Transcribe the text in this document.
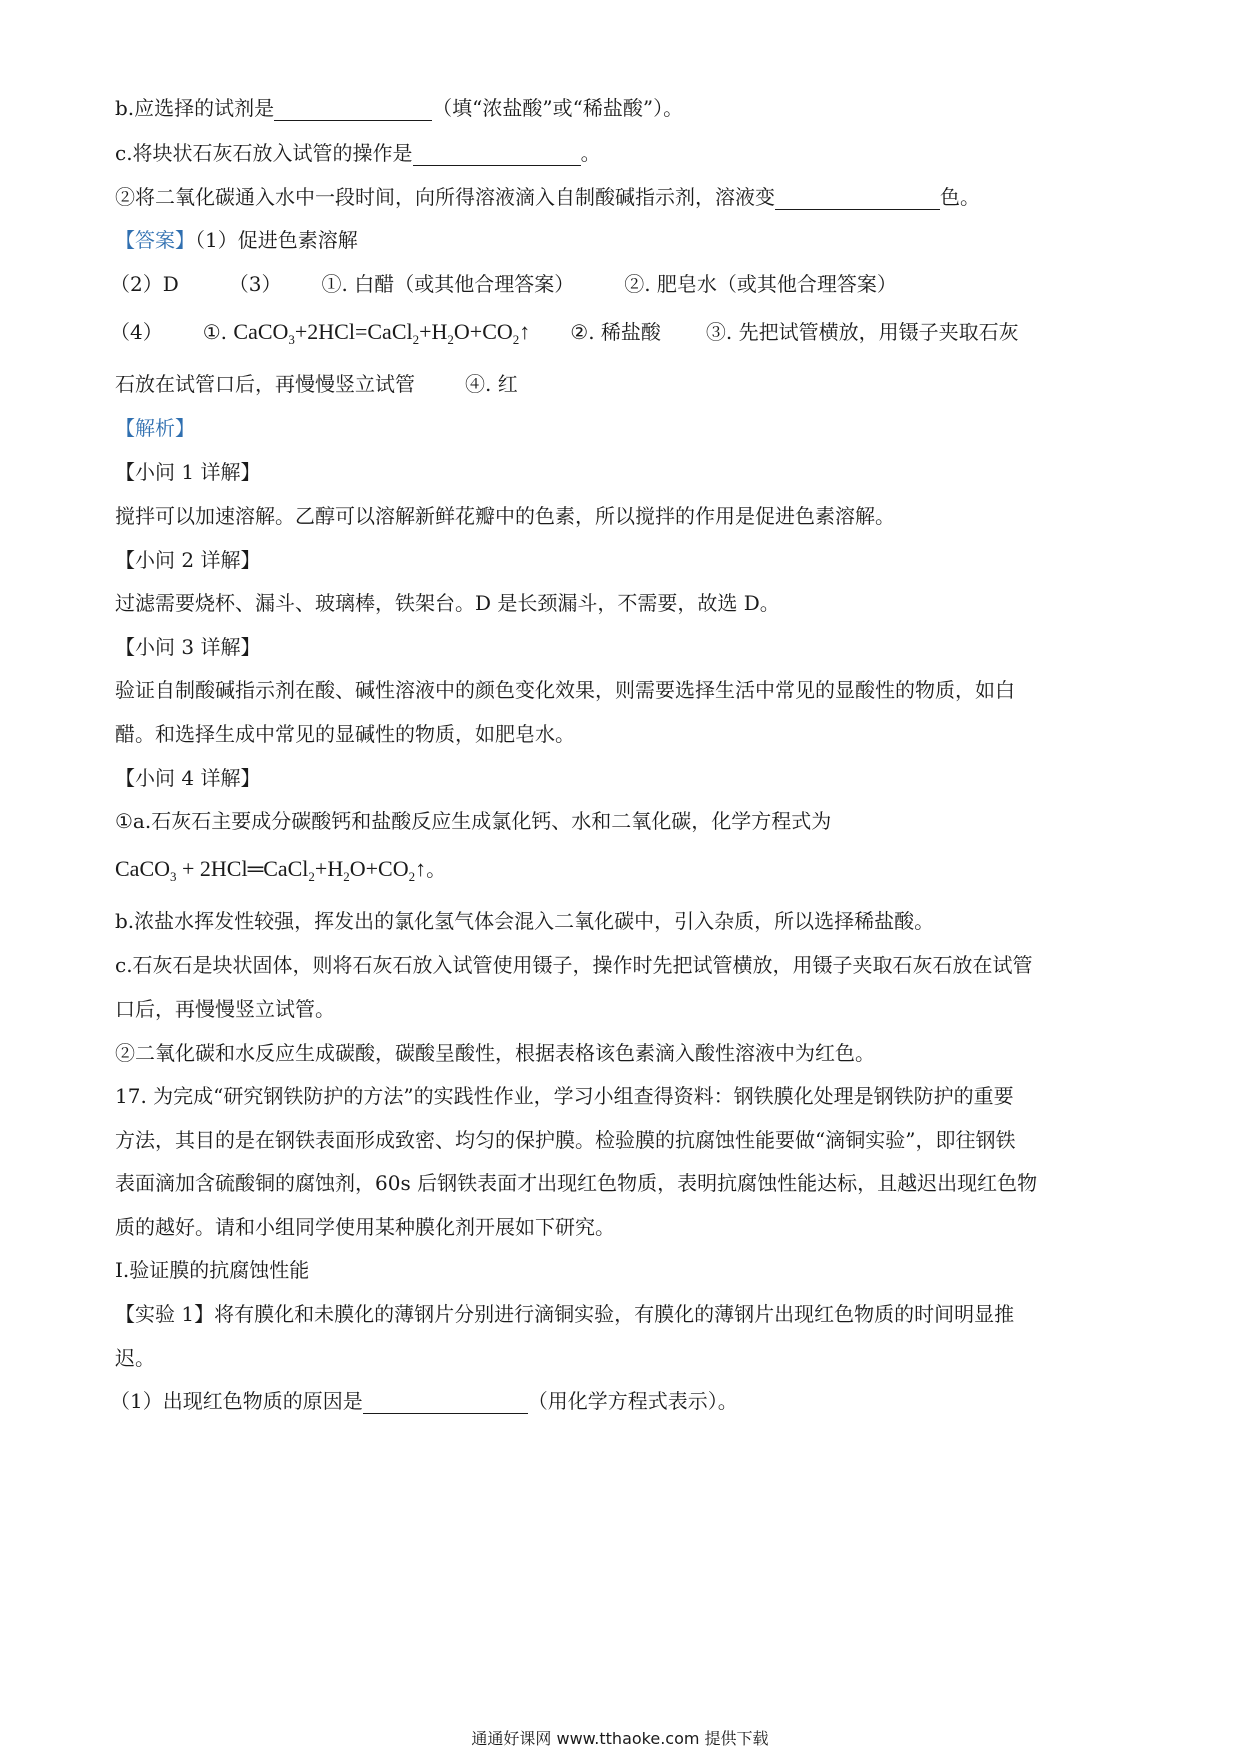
b.应选择的试剂是	（填“浓盐酸”或“稀盐酸”）。
c.将块状石灰石放入试管的操作是	。
②将二氧化碳通入水中一段时间，向所得溶液滴入自制酸碱指示剂，溶液变	色。
【答案】（1）促进色素溶解
（2）D	（3） ①. 白醋（或其他合理答案）	②. 肥皂水（或其他合理答案）
（4） ①. $CaCO_3+2HCl=CaCl_2+H_2O+CO_2↑$ ②. 稀盐酸 ③. 先把试管横放，用镊子夹取石灰
石放在试管口后，再慢慢竖立试管	④. 红
【解析】
【小问 1 详解】
搅拌可以加速溶解。乙醇可以溶解新鲜花瓣中的色素，所以搅拌的作用是促进色素溶解。
【小问 2 详解】
过滤需要烧杯、漏斗、玻璃棒，铁架台。D 是长颈漏斗，不需要，故选 D。
【小问 3 详解】
验证自制酸碱指示剂在酸、碱性溶液中的颜色变化效果，则需要选择生活中常见的显酸性的物质，如白
醋。和选择生成中常见的显碱性的物质，如肥皂水。
【小问 4 详解】
①a.石灰石主要成分碳酸钙和盐酸反应生成氯化钙、水和二氧化碳，化学方程式为
CaCO$_3$ + $2HCl═CaCl_2+H_2O+CO_2↑$。
b.浓盐水挥发性较强，挥发出的氯化氢气体会混入二氧化碳中，引入杂质，所以选择稀盐酸。
c.石灰石是块状固体，则将石灰石放入试管使用镊子，操作时先把试管横放，用镊子夹取石灰石放在试管
口后，再慢慢竖立试管。
②二氧化碳和水反应生成碳酸，碳酸呈酸性，根据表格该色素滴入酸性溶液中为红色。
17. 为完成“研究钢铁防护的方法”的实践性作业，学习小组查得资料：钢铁膜化处理是钢铁防护的重要
方法，其目的是在钢铁表面形成致密、均匀的保护膜。检验膜的抗腐蚀性能要做“滴铜实验”，即往钢铁
表面滴加含硫酸铜的腐蚀剂，60s 后钢铁表面才出现红色物质，表明抗腐蚀性能达标，且越迟出现红色物
质的越好。请和小组同学使用某种膜化剂开展如下研究。
I.验证膜的抗腐蚀性能
【实验 1】将有膜化和未膜化的薄钢片分别进行滴铜实验，有膜化的薄钢片出现红色物质的时间明显推
迟。
（1）出现红色物质的原因是	（用化学方程式表示）。
通通好课网 www.tthaoke.com 提供下载
